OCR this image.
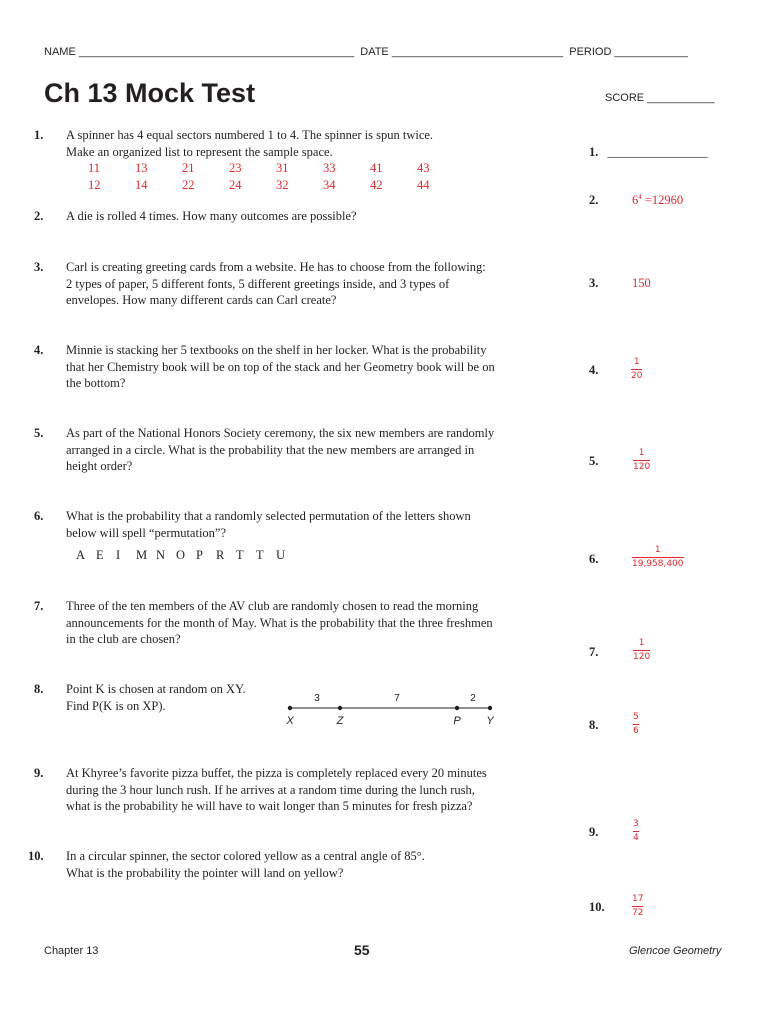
NAME _____________________________________________  DATE ____________________________  PERIOD ____________
Ch 13 Mock Test	SCORE ___________
1. A spinner has 4 equal sectors numbered 1 to 4. The spinner is spun twice.
Make an organized list to represent the sample space.
11	13	21	23	31	33	41	43
12	14	22	24	32	34	42	44
1. ________________
2. A die is rolled 4 times. How many outcomes are possible?
2.	$6^4 =12960$
3. Carl is creating greeting cards from a website. He has to choose from the following:
2 types of paper, 5 different fonts, 5 different greetings inside, and 3 types of
envelopes. How many different cards can Carl create?
3.	150
4. Minnie is stacking her 5 textbooks on the shelf in her locker. What is the probability
that her Chemistry book will be on top of the stack and her Geometry book will be on
the bottom?
4.
1
20
5. As part of the National Honors Society ceremony, the six new members are randomly
arranged in a circle. What is the probability that the new members are arranged in
height order?	5.
1
120
6. What is the probability that a randomly selected permutation of the letters shown
below will spell “permutation”?
A E I M N O P R T T U	6.
1
19,958,400
7. Three of the ten members of the AV club are randomly chosen to read the morning
announcements for the month of May. What is the probability that the three freshmen
in the club are chosen?
7.
1
120
8. Point K is chosen at random on XY.
Find P(K is on XP).	3	7	2
X	Z	P Y	8.
5
6
9. At Khyree’s favorite pizza buffet, the pizza is completely replaced every 20 minutes
during the 3 hour lunch rush. If he arrives at a random time during the lunch rush,
what is the probability he will have to wait longer than 5 minutes for fresh pizza?
9.
3
4
10. In a circular spinner, the sector colored yellow as a central angle of 85°.
What is the probability the pointer will land on yellow?
10.
17
72
Chapter 13	55	Glencoe Geometry
